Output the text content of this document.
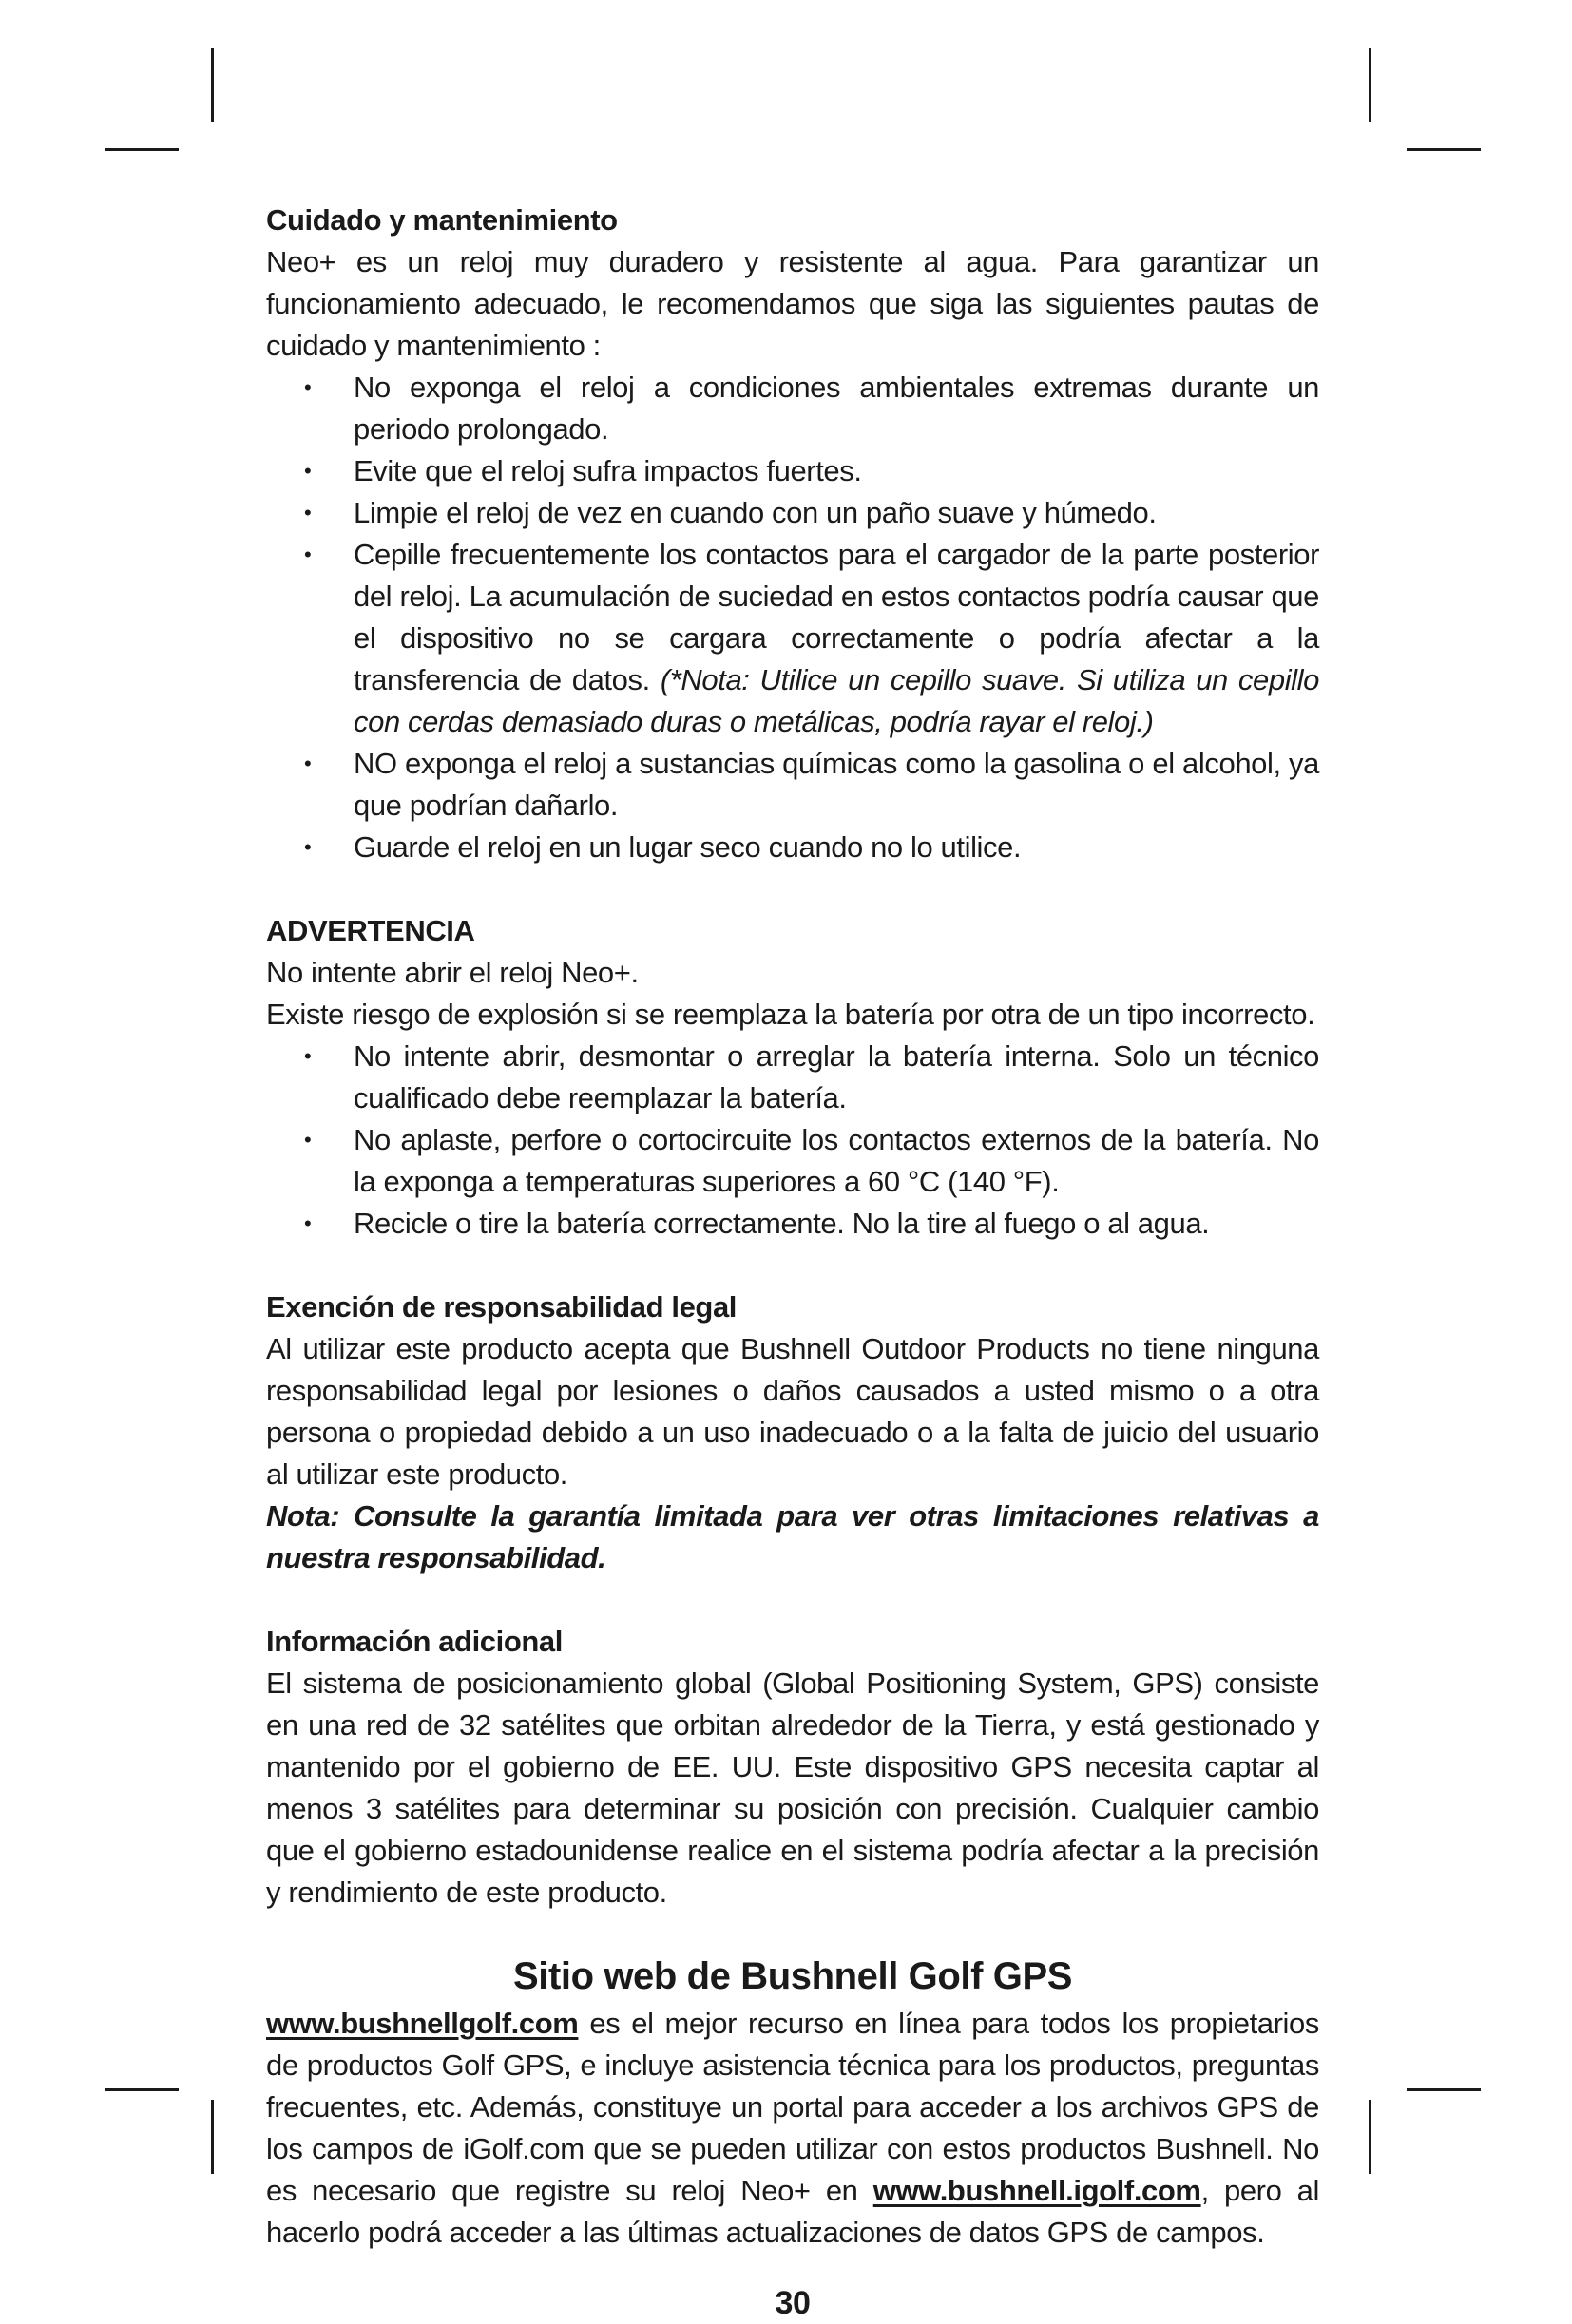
Cuidado y mantenimiento

Neo+ es un reloj muy duradero y resistente al agua. Para garantizar un funcionamiento adecuado, le recomendamos que siga las siguientes pautas de cuidado y mantenimiento :

• No exponga el reloj a condiciones ambientales extremas durante un periodo prolongado.
• Evite que el reloj sufra impactos fuertes.
• Limpie el reloj de vez en cuando con un paño suave y húmedo.
• Cepille frecuentemente los contactos para el cargador de la parte posterior del reloj. La acumulación de suciedad en estos contactos podría causar que el dispositivo no se cargara correctamente o podría afectar a la transferencia de datos. (*Nota: Utilice un cepillo suave. Si utiliza un cepillo con cerdas demasiado duras o metálicas, podría rayar el reloj.)
• NO exponga el reloj a sustancias químicas como la gasolina o el alcohol, ya que podrían dañarlo.
• Guarde el reloj en un lugar seco cuando no lo utilice.
ADVERTENCIA

No intente abrir el reloj Neo+.

Existe riesgo de explosión si se reemplaza la batería por otra de un tipo incorrecto.

• No intente abrir, desmontar o arreglar la batería interna. Solo un técnico cualificado debe reemplazar la batería.
• No aplaste, perfore o cortocircuite los contactos externos de la batería. No la exponga a temperaturas superiores a 60 °C (140 °F).
• Recicle o tire la batería correctamente. No la tire al fuego o al agua.
Exención de responsabilidad legal

Al utilizar este producto acepta que Bushnell Outdoor Products no tiene ninguna responsabilidad legal por lesiones o daños causados a usted mismo o a otra persona o propiedad debido a un uso inadecuado o a la falta de juicio del usuario al utilizar este producto.

Nota: Consulte la garantía limitada para ver otras limitaciones relativas a nuestra responsabilidad.

Información adicional

El sistema de posicionamiento global (Global Positioning System, GPS) consiste en una red de 32 satélites que orbitan alrededor de la Tierra, y está gestionado y mantenido por el gobierno de EE. UU. Este dispositivo GPS necesita captar al menos 3 satélites para determinar su posición con precisión. Cualquier cambio que el gobierno estadounidense realice en el sistema podría afectar a la precisión y rendimiento de este producto.

Sitio web de Bushnell Golf GPS

www.bushnellgolf.com es el mejor recurso en línea para todos los propietarios de productos Golf GPS, e incluye asistencia técnica para los productos, preguntas frecuentes, etc. Además, constituye un portal para acceder a los archivos GPS de los campos de iGolf.com que se pueden utilizar con estos productos Bushnell. No es necesario que registre su reloj Neo+ en www.bushnell.igolf.com, pero al hacerlo podrá acceder a las últimas actualizaciones de datos GPS de campos.

30
